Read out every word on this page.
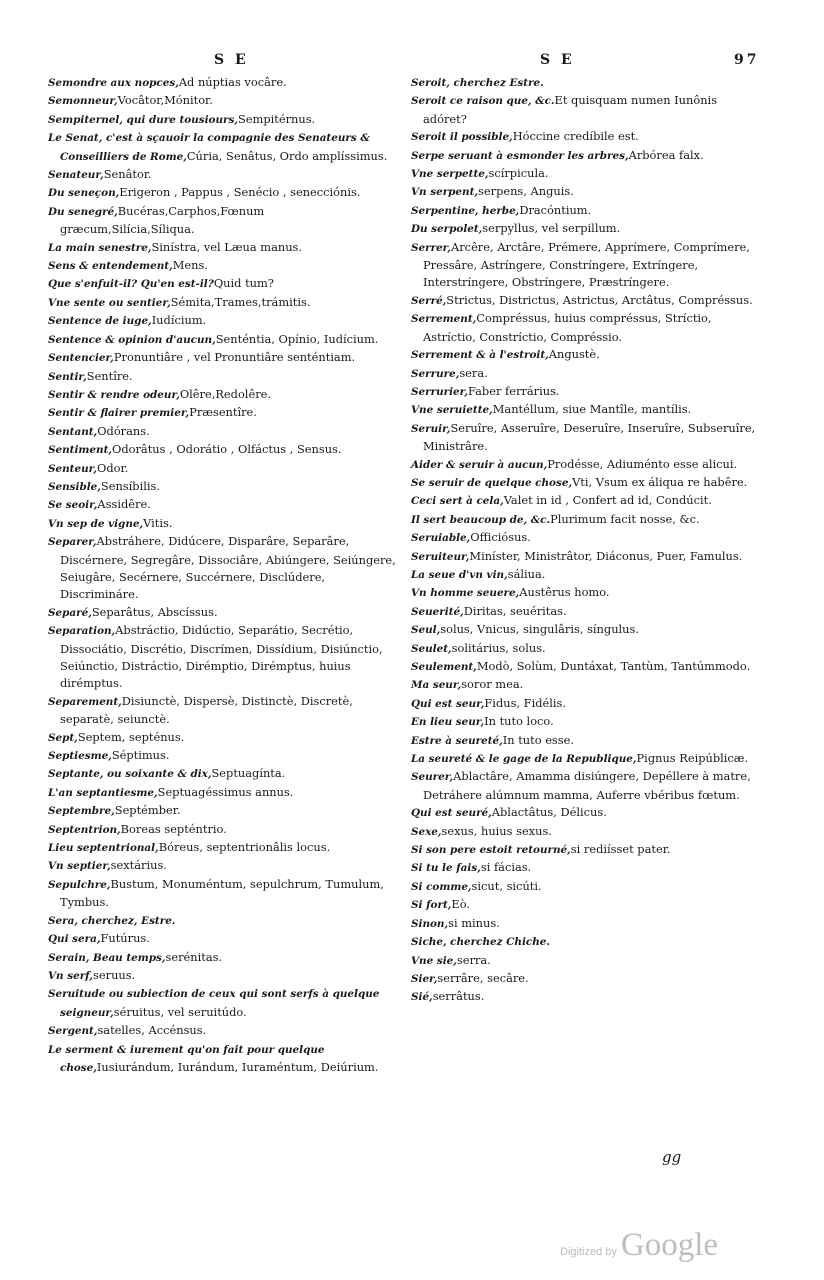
S E	S E	97
Semondre aux nopces,Ad núptias vocâre.
Semonneur,Vocâtor,Mónitor.
Sempiternel, qui dure tousiours,Sempitérnus.
Le Senat, c'est à sçauoir la compagnie des Senateurs & Conseilliers de Rome,Cúria, Senâtus, Ordo amplíssimus.
Senateur,Senâtor.
Du seneçon,Erigeron , Pappus , Senécio , senecciónis.
Du senegré,Bucéras,Carphos,Fœnum græcum,Silícia,Síliqua.
La main senestre,Sinístra, vel Læua manus.
Sens & entendement,Mens.
Que s'enfuit-il? Qu'en est-il?Quid tum?
Vne sente ou sentier,Sémita,Trames,trámitis.
Sentence de iuge,Iudícium.
Sentence & opinion d'aucun,Senténtia, Opínio, Iudícium.
Sentencier,Pronuntiâre , vel Pronuntiâre senténtiam.
Sentir,Sentîre.
Sentir & rendre odeur,Olêre,Redolêre.
Sentir & flairer premier,Præsentîre.
Sentant,Odórans.
Sentiment,Odorâtus , Odorátio , Olfáctus , Sensus.
Senteur,Odor.
Sensible,Sensíbilis.
Se seoir,Assidêre.
Vn sep de vigne,Vitis.
Separer,Abstráhere, Didúcere, Disparâre, Separâre, Discérnere, Segregâre, Dissociâre, Abiúngere, Seiúngere, Seiugâre, Secérnere, Succérnere, Disclúdere, Discrimináre.
Separé,Separâtus, Abscíssus.
Separation,Abstráctio, Didúctio, Separátio, Secrétio, Dissociátio, Discrétio, Discrímen, Dissídium, Disiúnctio, Seiúnctio, Distráctio, Dirémptio, Dirémptus, huius dirémptus.
Separement,Disiunctè, Dispersè, Distinctè, Discretè, separatè, seiunctè.
Sept,Septem, septénus.
Septiesme,Séptimus.
Septante, ou soixante & dix,Septuagínta.
L'an septantiesme,Septuagéssimus annus.
Septembre,Septémber.
Septentrion,Boreas septéntrio.
Lieu septentrional,Bóreus, septentrionâlis locus.
Vn septier,sextárius.
Sepulchre,Bustum, Monuméntum, sepulchrum, Tumulum, Tymbus.
Sera, cherchez, Estre.
Qui sera,Futúrus.
Serain, Beau temps,serénitas.
Vn serf,seruus.
Seruitude ou subiection de ceux qui sont serfs à quelque seigneur,séruitus, vel seruitúdo.
Sergent,satelles, Accénsus.
Le serment & iurement qu'on fait pour quelque chose,Iusiurándum, Iurándum, Iuraméntum, Deiúrium.
Seroit, cherchez Estre.
Seroit ce raison que, &c.Et quisquam numen Iunônis adóret?
Seroit il possible,Hóccine credíbile est.
Serpe seruant à esmonder les arbres,Arbórea falx.
Vne serpette,scírpicula.
Vn serpent,serpens, Anguis.
Serpentine, herbe,Dracóntium.
Du serpolet,serpyllus, vel serpillum.
Serrer,Arcêre, Arctâre, Prémere, Apprímere, Comprímere, Pressâre, Astríngere, Constríngere, Extríngere, Interstríngere, Obstríngere, Præstríngere.
Serré,Strictus, Districtus, Astrictus, Arctâtus, Compréssus.
Serrement,Compréssus, huius compréssus, Stríctio, Astríctio, Constríctio, Compréssio.
Serrement & à l'estroit,Angustè.
Serrure,sera.
Serrurier,Faber ferrárius.
Vne seruiette,Mantéllum, siue Mantîle, mantílis.
Seruir,Seruîre, Asseruîre, Deseruîre, Inseruîre, Subseruîre, Ministrâre.
Aider & seruir à aucun,Prodésse, Adiuménto esse alicui.
Se seruir de quelque chose,Vti, Vsum ex áliqua re habêre.
Ceci sert à cela,Valet in id , Confert ad id, Condúcit.
Il sert beaucoup de, &c.Plurimum facit nosse, &c.
Seruiable,Officiósus.
Seruiteur,Miníster, Ministrâtor, Diáconus, Puer, Famulus.
La seue d'vn vin,sáliua.
Vn homme seuere,Austêrus homo.
Seuerité,Diritas, seuéritas.
Seul,solus, Vnicus, singulâris, síngulus.
Seulet,solitárius, solus.
Seulement,Modò, Solùm, Duntáxat, Tantùm, Tantúmmodo.
Ma seur,soror mea.
Qui est seur,Fidus, Fidélis.
En lieu seur,In tuto loco.
Estre à seureté,In tuto esse.
La seureté & le gage de la Republique,Pignus Reipúblicæ.
Seurer,Ablactâre, Amamma disiúngere, Depéllere à matre, Detráhere alúmnum mamma, Auferre vbéribus fœtum.
Qui est seuré,Ablactâtus, Délicus.
Sexe,sexus, huius sexus.
Si son pere estoit retourné,si rediísset pater.
Si tu le fais,si fácias.
Si comme,sicut, sicúti.
Si fort,Eò.
Sinon,si minus.
Siche, cherchez Chiche.
Vne sie,serra.
Sier,serrâre, secâre.
Sié,serrâtus.
gg
Digitized by Google
